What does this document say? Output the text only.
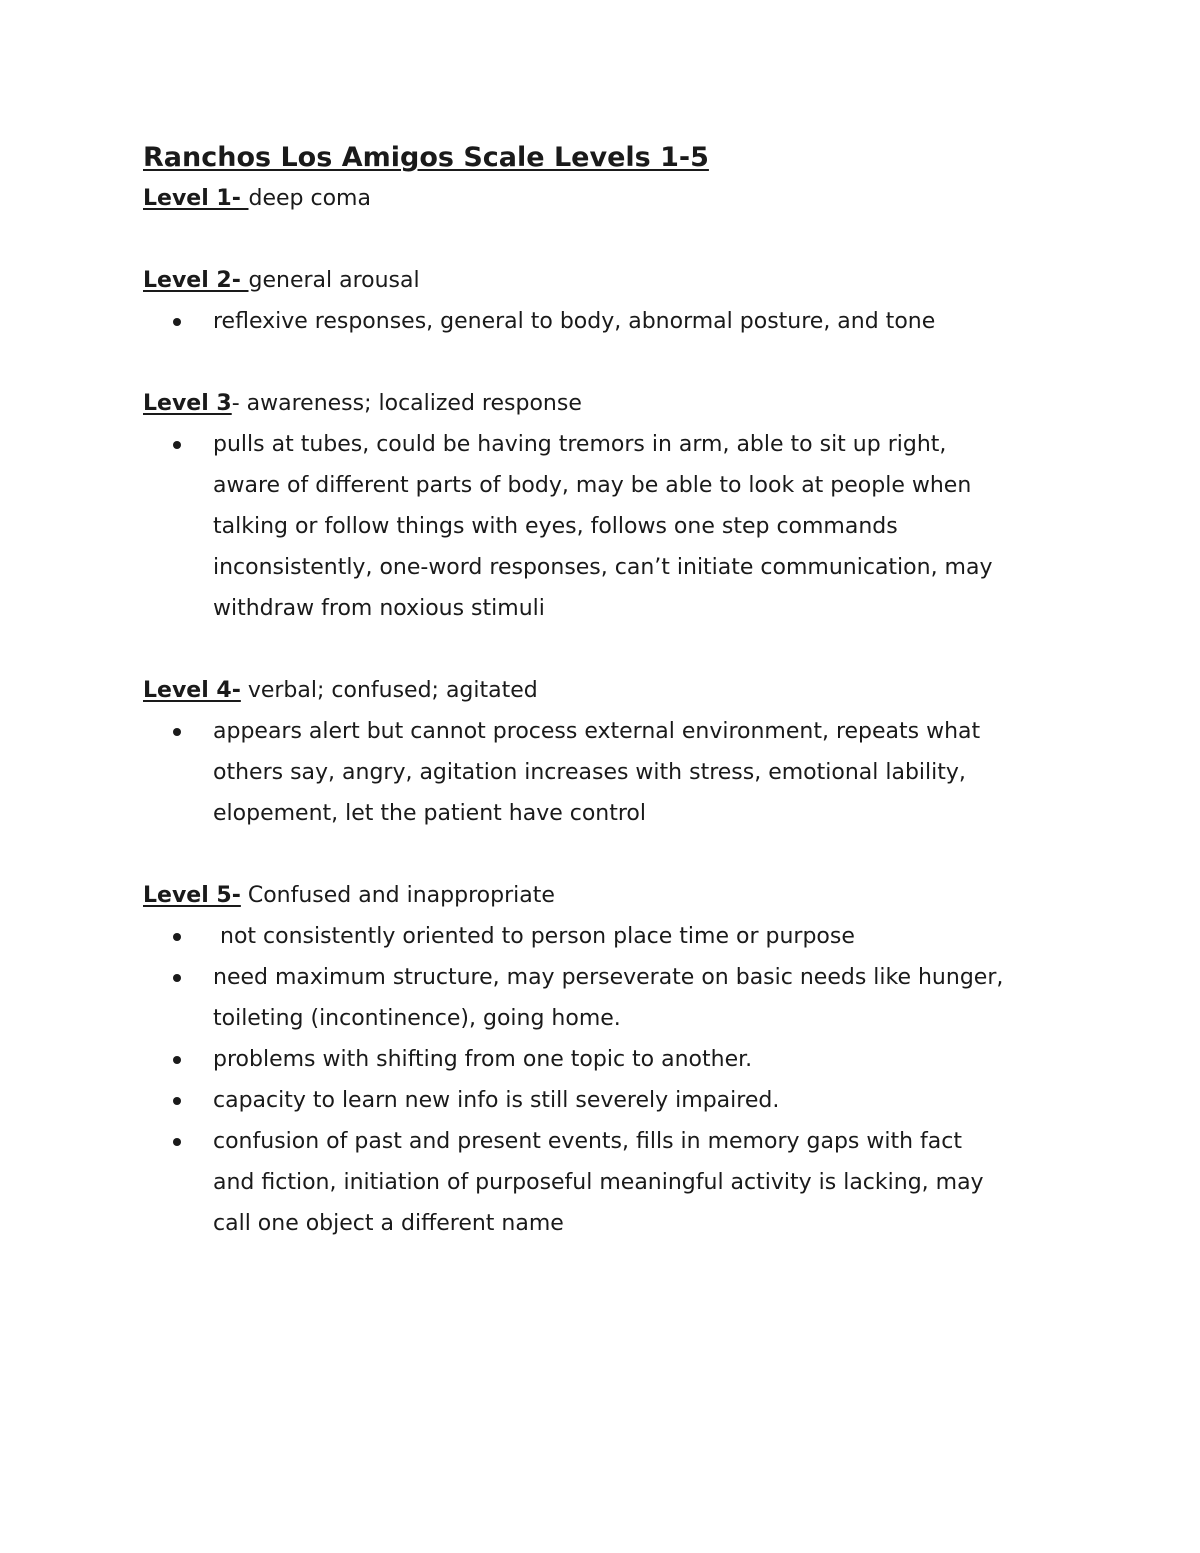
Ranchos Los Amigos Scale Levels 1-5

Level 1- deep coma

Level 2- general arousal

reflexive responses, general to body, abnormal posture, and tone

Level 3- awareness; localized response

pulls at tubes, could be having tremors in arm, able to sit up right,
aware of different parts of body, may be able to look at people when
talking or follow things with eyes, follows one step commands
inconsistently, one-word responses, can’t initiate communication, may
withdraw from noxious stimuli

Level 4- verbal; confused; agitated

appears alert but cannot process external environment, repeats what
others say, angry, agitation increases with stress, emotional lability,
elopement, let the patient have control

Level 5- Confused and inappropriate

not consistently oriented to person place time or purpose
need maximum structure, may perseverate on basic needs like hunger,
toileting (incontinence), going home.
problems with shifting from one topic to another.
capacity to learn new info is still severely impaired.
confusion of past and present events, fills in memory gaps with fact
and fiction, initiation of purposeful meaningful activity is lacking, may
call one object a different name
